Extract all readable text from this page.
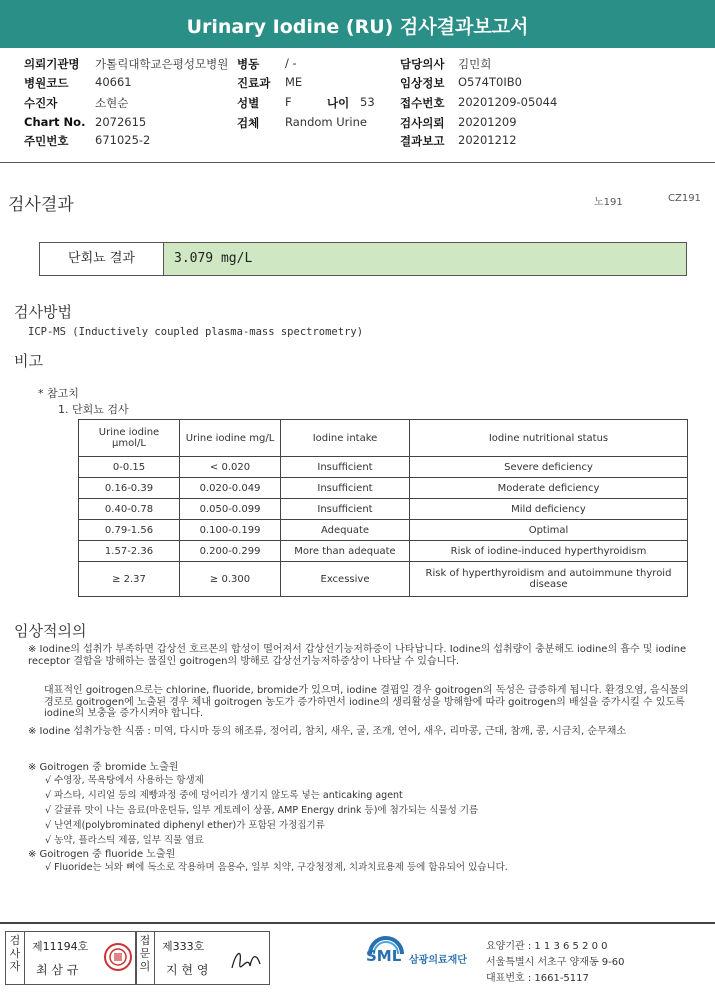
Urinary Iodine (RU) 검사결과보고서
의뢰기관명 가톨릭대학교은평성모병원
병원코드 40661
수진자	소현순
Chart No. 2072615
주민번호 671025-2
병동 / -
진료과 ME
성별 F	나이 53
검체 Random Urine
담당의사 김민희
임상정보 O574T0IB0
접수번호 20201209-05044
검사의뢰 20201209
결과보고 20201212
검사결과	노191	CZ191
단회뇨 결과	3.079 mg/L
검사방법
ICP-MS (Inductively coupled plasma-mass spectrometry)
비고
* 참고치
1. 단회뇨 검사
Urine iodine μmol/L	Urine iodine mg/L	Iodine intake	Iodine nutritional status
0-0.15	< 0.020	Insufficient	Severe deficiency
0.16-0.39	0.020-0.049	Insufficient	Moderate deficiency
0.40-0.78	0.050-0.099	Insufficient	Mild deficiency
0.79-1.56	0.100-0.199	Adequate	Optimal
1.57-2.36	0.200-0.299	More than adequate	Risk of iodine-induced hyperthyroidism
≥ 2.37	≥ 0.300	Excessive	Risk of hyperthyroidism and autoimmune thyroid disease
임상적의의
※ Iodine의 섭취가 부족하면 갑상선 호르몬의 합성이 떨어져서 갑상선기능저하증이 나타납니다. Iodine의 섭취량이 충분해도 iodine의 흡수 및 iodine receptor 결합을 방해하는 물질인 goitrogen의 방해로 갑상선기능저하증상이 나타날 수 있습니다.
대표적인 goitrogen으로는 chlorine, fluoride, bromide가 있으며, iodine 결핍일 경우 goitrogen의 독성은 급증하게 됩니다. 환경오염, 음식물의 경로로 goitrogen에 노출된 경우 체내 goitrogen 농도가 증가하면서 iodine의 생리활성을 방해함에 따라 goitrogen의 배설을 증가시킬 수 있도록 iodine의 보충을 증가시켜야 합니다.
※ Iodine 섭취가능한 식품 : 미역, 다시마 등의 해조류, 정어리, 참치, 새우, 굴, 조개, 연어, 새우, 리마콩, 근대, 참깨, 콩, 시금치, 순무채소
※ Goitrogen 중 bromide 노출원
√ 수영장, 목욕탕에서 사용하는 항생제
√ 파스타, 시리얼 등의 제빵과정 중에 덩어리가 생기지 않도록 넣는 anticaking agent
√ 갈귤류 맛이 나는 음료(마운틴듀, 일부 게토레이 상품, AMP Energy drink 등)에 첨가되는 식물성 기름
√ 난연제(polybrominated diphenyl ether)가 포함된 가정집기류
√ 농약, 플라스틱 제품, 일부 직물 염료
※ Goitrogen 중 fluoride 노출원
√ Fluoride는 뇌와 뼈에 독소로 작용하며 음용수, 일부 치약, 구강청정제, 치과치료용제 등에 함유되어 있습니다.
검사자
제11194호
최 삼 규
접문의
제333호
지 현 영
SML 삼광의료재단
요양기관 : 1 1 3 6 5 2 0 0
서울특별시 서초구 양재동 9-60
대표번호 : 1661-5117
